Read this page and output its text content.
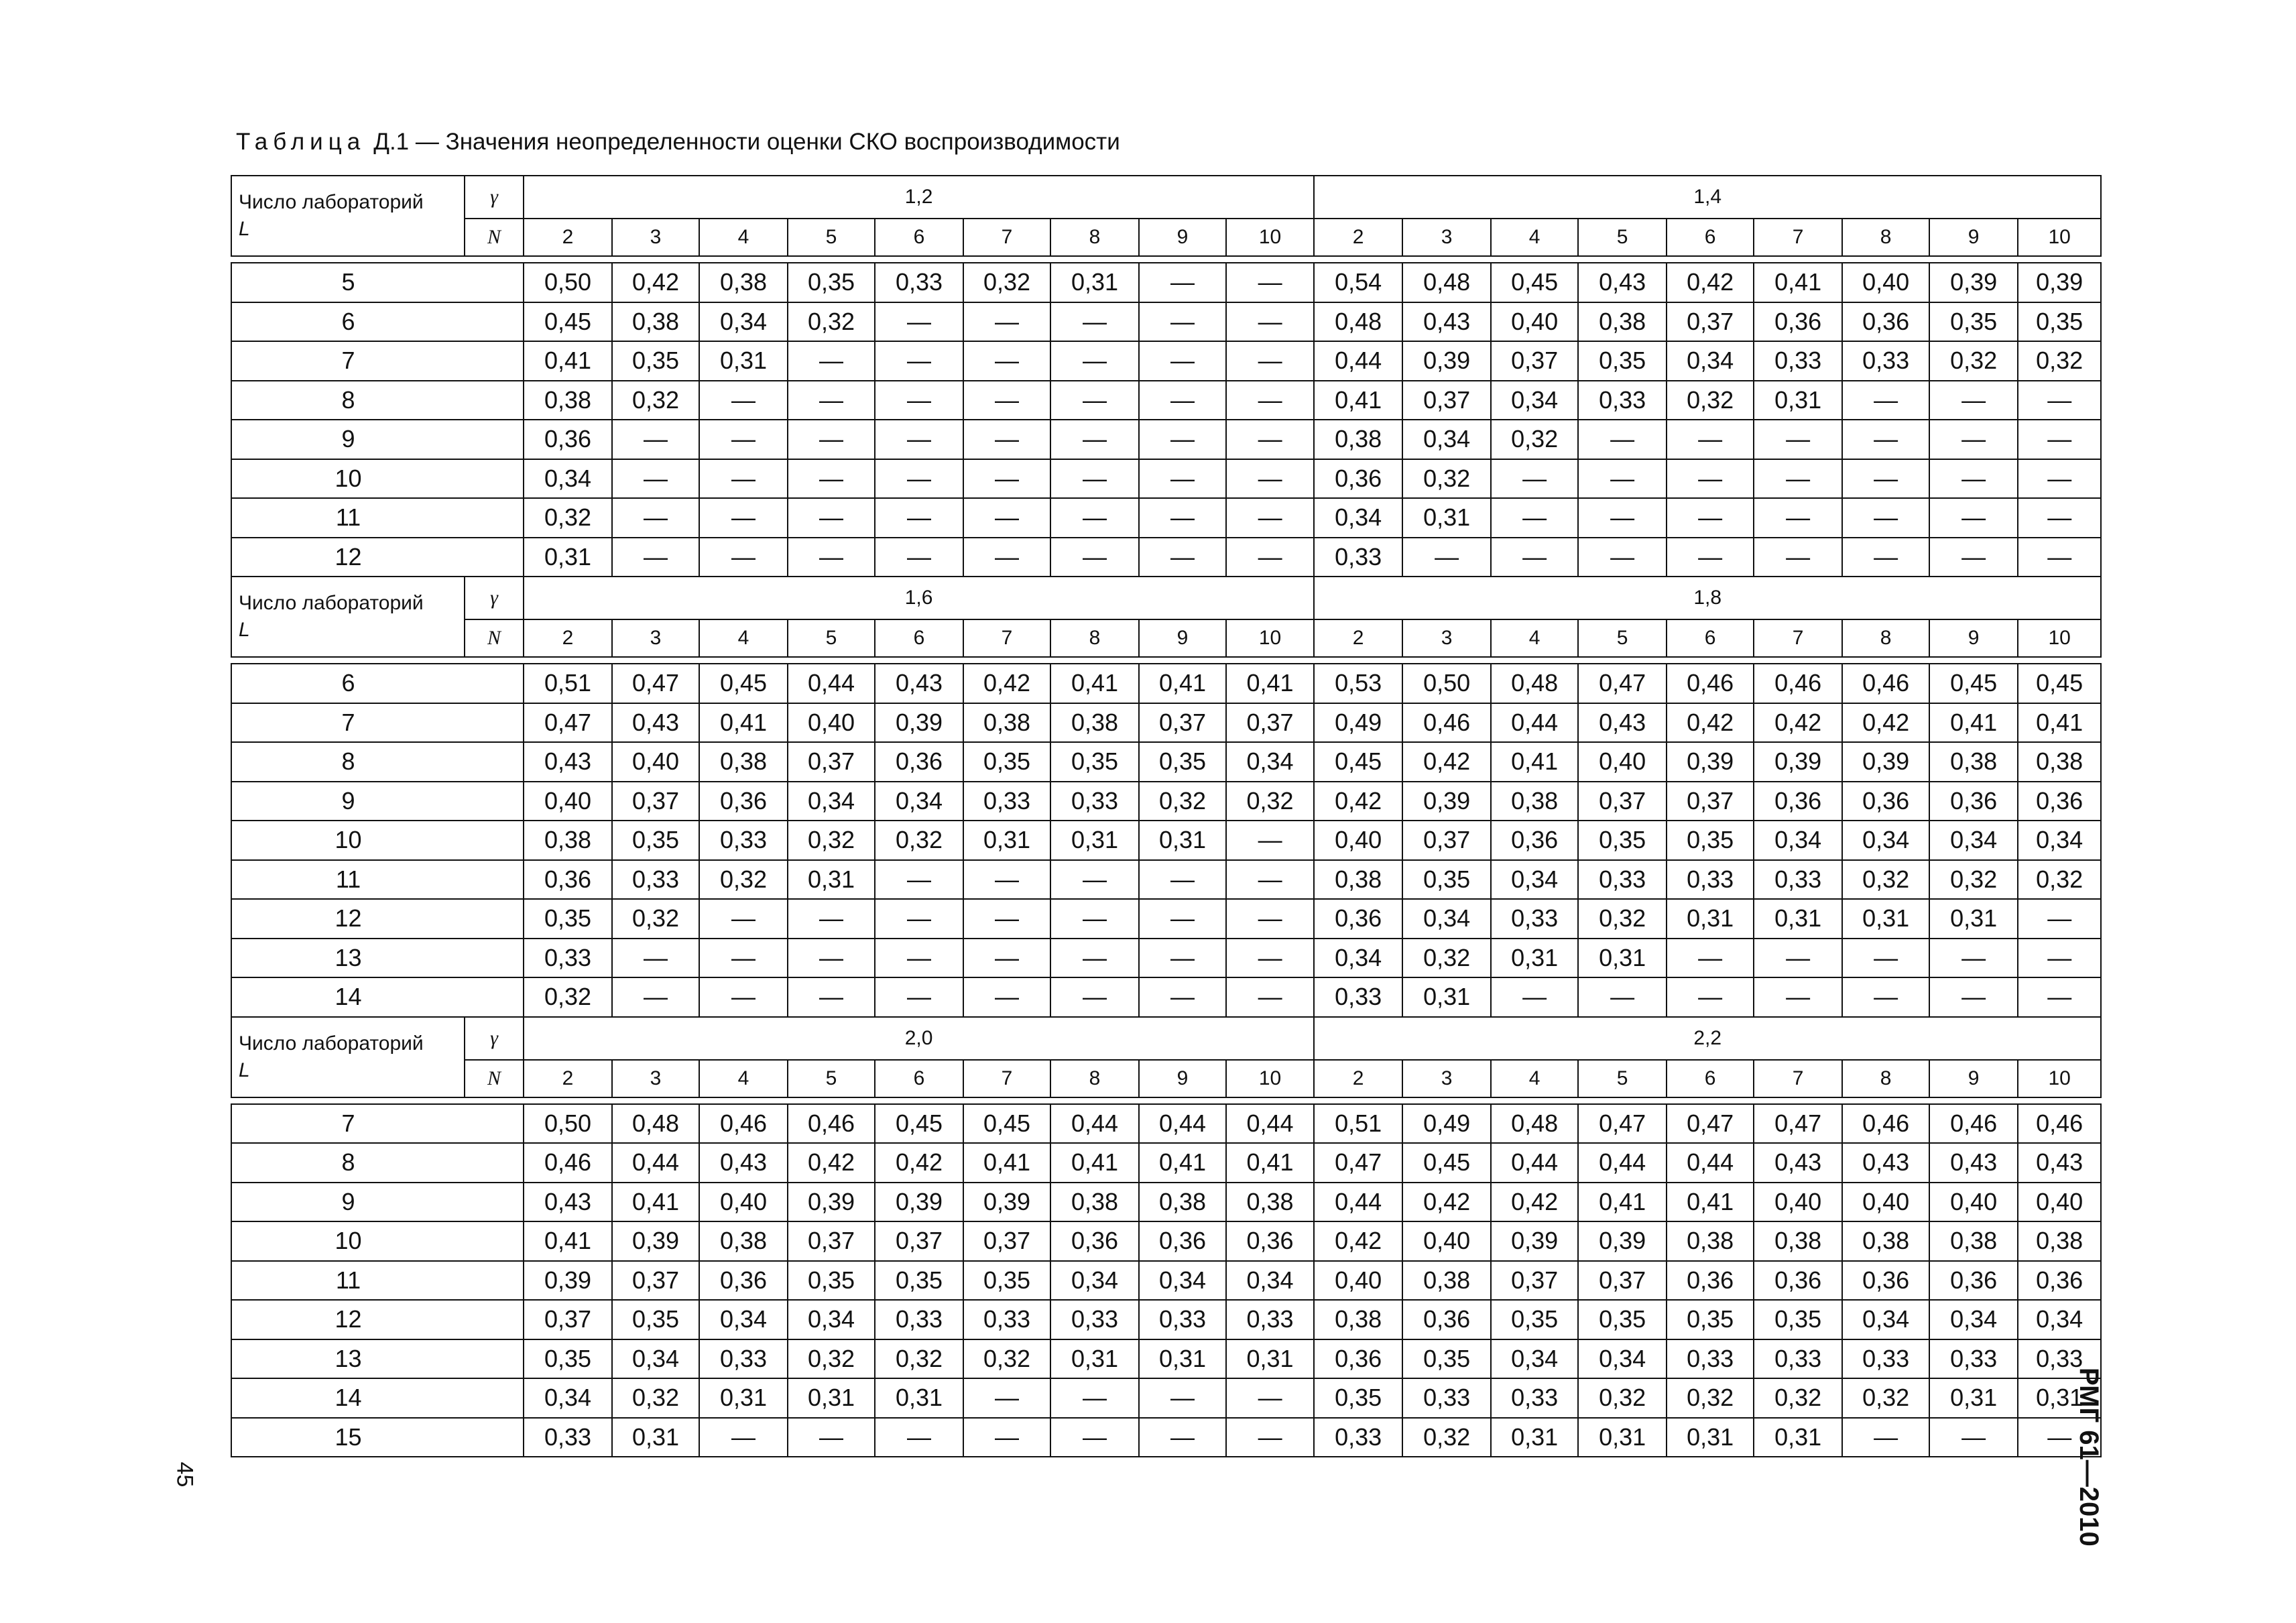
Таблица Д.1 — Значения неопределенности оценки СКО воспроизводимости
Число лабораторий
L	γ	1,2									1,4								
	N	2	3	4	5	6	7	8	9	10	2	3	4	5	6	7	8	9	10

5		0,50	0,42	0,38	0,35	0,33	0,32	0,31	—	—	0,54	0,48	0,45	0,43	0,42	0,41	0,40	0,39	0,39
6		0,45	0,38	0,34	0,32	—	—	—	—	—	0,48	0,43	0,40	0,38	0,37	0,36	0,36	0,35	0,35
7		0,41	0,35	0,31	—	—	—	—	—	—	0,44	0,39	0,37	0,35	0,34	0,33	0,33	0,32	0,32
8		0,38	0,32	—	—	—	—	—	—	—	0,41	0,37	0,34	0,33	0,32	0,31	—	—	—
9		0,36	—	—	—	—	—	—	—	—	0,38	0,34	0,32	—	—	—	—	—	—
10		0,34	—	—	—	—	—	—	—	—	0,36	0,32	—	—	—	—	—	—	—
11		0,32	—	—	—	—	—	—	—	—	0,34	0,31	—	—	—	—	—	—	—
12		0,31	—	—	—	—	—	—	—	—	0,33	—	—	—	—	—	—	—	—
Число лабораторий
L	γ	1,6									1,8								
	N	2	3	4	5	6	7	8	9	10	2	3	4	5	6	7	8	9	10

6		0,51	0,47	0,45	0,44	0,43	0,42	0,41	0,41	0,41	0,53	0,50	0,48	0,47	0,46	0,46	0,46	0,45	0,45
7		0,47	0,43	0,41	0,40	0,39	0,38	0,38	0,37	0,37	0,49	0,46	0,44	0,43	0,42	0,42	0,42	0,41	0,41
8		0,43	0,40	0,38	0,37	0,36	0,35	0,35	0,35	0,34	0,45	0,42	0,41	0,40	0,39	0,39	0,39	0,38	0,38
9		0,40	0,37	0,36	0,34	0,34	0,33	0,33	0,32	0,32	0,42	0,39	0,38	0,37	0,37	0,36	0,36	0,36	0,36
10		0,38	0,35	0,33	0,32	0,32	0,31	0,31	0,31	—	0,40	0,37	0,36	0,35	0,35	0,34	0,34	0,34	0,34
11		0,36	0,33	0,32	0,31	—	—	—	—	—	0,38	0,35	0,34	0,33	0,33	0,33	0,32	0,32	0,32
12		0,35	0,32	—	—	—	—	—	—	—	0,36	0,34	0,33	0,32	0,31	0,31	0,31	0,31	—
13		0,33	—	—	—	—	—	—	—	—	0,34	0,32	0,31	0,31	—	—	—	—	—
14		0,32	—	—	—	—	—	—	—	—	0,33	0,31	—	—	—	—	—	—	—
Число лабораторий
L	γ	2,0									2,2								
	N	2	3	4	5	6	7	8	9	10	2	3	4	5	6	7	8	9	10

7		0,50	0,48	0,46	0,46	0,45	0,45	0,44	0,44	0,44	0,51	0,49	0,48	0,47	0,47	0,47	0,46	0,46	0,46
8		0,46	0,44	0,43	0,42	0,42	0,41	0,41	0,41	0,41	0,47	0,45	0,44	0,44	0,44	0,43	0,43	0,43	0,43
9		0,43	0,41	0,40	0,39	0,39	0,39	0,38	0,38	0,38	0,44	0,42	0,42	0,41	0,41	0,40	0,40	0,40	0,40
10		0,41	0,39	0,38	0,37	0,37	0,37	0,36	0,36	0,36	0,42	0,40	0,39	0,39	0,38	0,38	0,38	0,38	0,38
11		0,39	0,37	0,36	0,35	0,35	0,35	0,34	0,34	0,34	0,40	0,38	0,37	0,37	0,36	0,36	0,36	0,36	0,36
12		0,37	0,35	0,34	0,34	0,33	0,33	0,33	0,33	0,33	0,38	0,36	0,35	0,35	0,35	0,35	0,34	0,34	0,34
13		0,35	0,34	0,33	0,32	0,32	0,32	0,31	0,31	0,31	0,36	0,35	0,34	0,34	0,33	0,33	0,33	0,33	0,33
14		0,34	0,32	0,31	0,31	0,31	—	—	—	—	0,35	0,33	0,33	0,32	0,32	0,32	0,32	0,31	0,31
15		0,33	0,31	—	—	—	—	—	—	—	0,33	0,32	0,31	0,31	0,31	0,31	—	—	—
45	РМГ 61—2010
